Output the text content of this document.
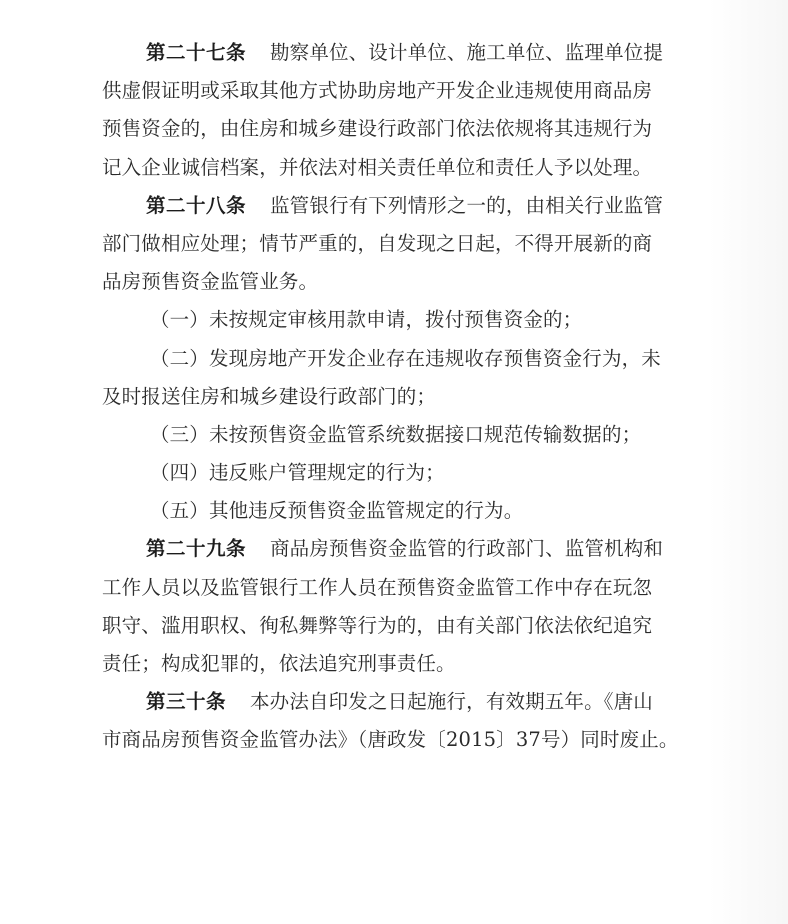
第二十七条 勘察单位、设计单位、施工单位、监理单位提
供虚假证明或采取其他方式协助房地产开发企业违规使用商品房
预售资金的，由住房和城乡建设行政部门依法依规将其违规行为
记入企业诚信档案，并依法对相关责任单位和责任人予以处理。
第二十八条 监管银行有下列情形之一的，由相关行业监管
部门做相应处理；情节严重的，自发现之日起，不得开展新的商
品房预售资金监管业务。
（一）未按规定审核用款申请，拨付预售资金的；
（二）发现房地产开发企业存在违规收存预售资金行为，未
及时报送住房和城乡建设行政部门的；
（三）未按预售资金监管系统数据接口规范传输数据的；
（四）违反账户管理规定的行为；
（五）其他违反预售资金监管规定的行为。
第二十九条 商品房预售资金监管的行政部门、监管机构和
工作人员以及监管银行工作人员在预售资金监管工作中存在玩忽
职守、滥用职权、徇私舞弊等行为的，由有关部门依法依纪追究
责任；构成犯罪的，依法追究刑事责任。
第三十条 本办法自印发之日起施行，有效期五年。《唐山
市商品房预售资金监管办法》（唐政发〔2015〕37号）同时废止。
